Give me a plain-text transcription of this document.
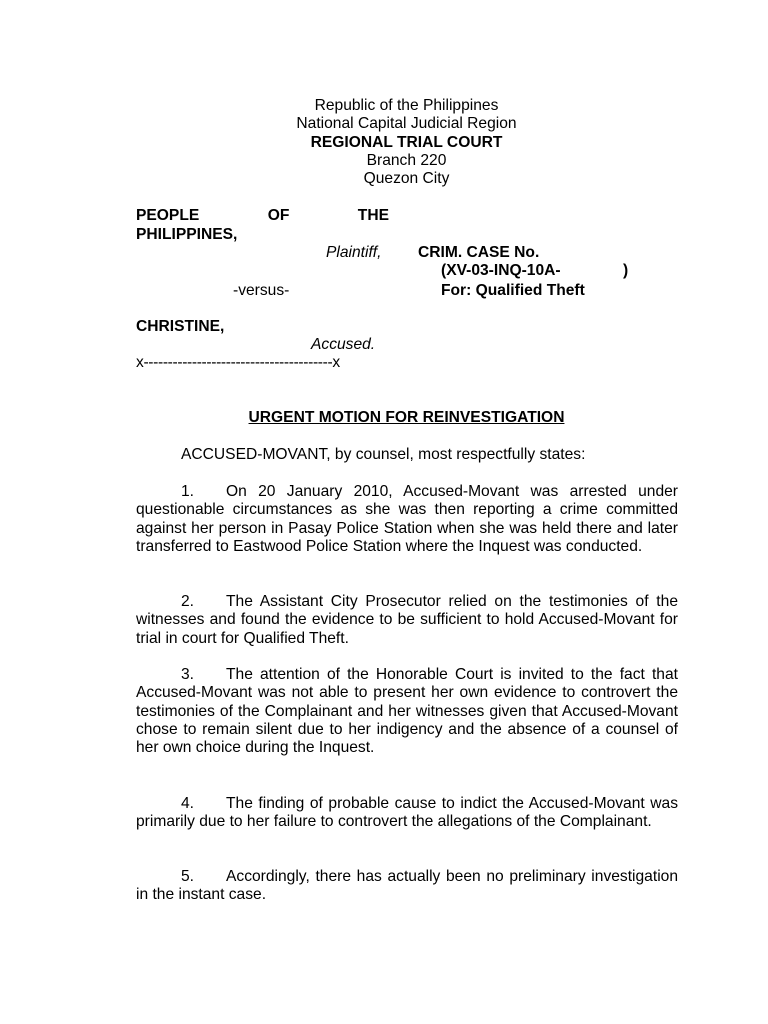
Republic of the Philippines
National Capital Judicial Region
REGIONAL TRIAL COURT
Branch 220
Quezon City
PEOPLE	OF	THE
PHILIPPINES,
Plaintiff, CRIM. CASE No.
(XV-03-INQ-10A-	)
-versus-	For: Qualified Theft
CHRISTINE,
Accused.
x---------------------------------------x
URGENT MOTION FOR REINVESTIGATION
ACCUSED-MOVANT, by counsel, most respectfully states:
1. On 20 January 2010, Accused-Movant was arrested under questionable circumstances as she was then reporting a crime committed against her person in Pasay Police Station when she was held there and later transferred to Eastwood Police Station where the Inquest was conducted.
2. The Assistant City Prosecutor relied on the testimonies of the witnesses and found the evidence to be sufficient to hold Accused-Movant for trial in court for Qualified Theft.
3. The attention of the Honorable Court is invited to the fact that Accused-Movant was not able to present her own evidence to controvert the testimonies of the Complainant and her witnesses given that Accused-Movant chose to remain silent due to her indigency and the absence of a counsel of her own choice during the Inquest.
4. The finding of probable cause to indict the Accused-Movant was primarily due to her failure to controvert the allegations of the Complainant.
5. Accordingly, there has actually been no preliminary investigation in the instant case.
